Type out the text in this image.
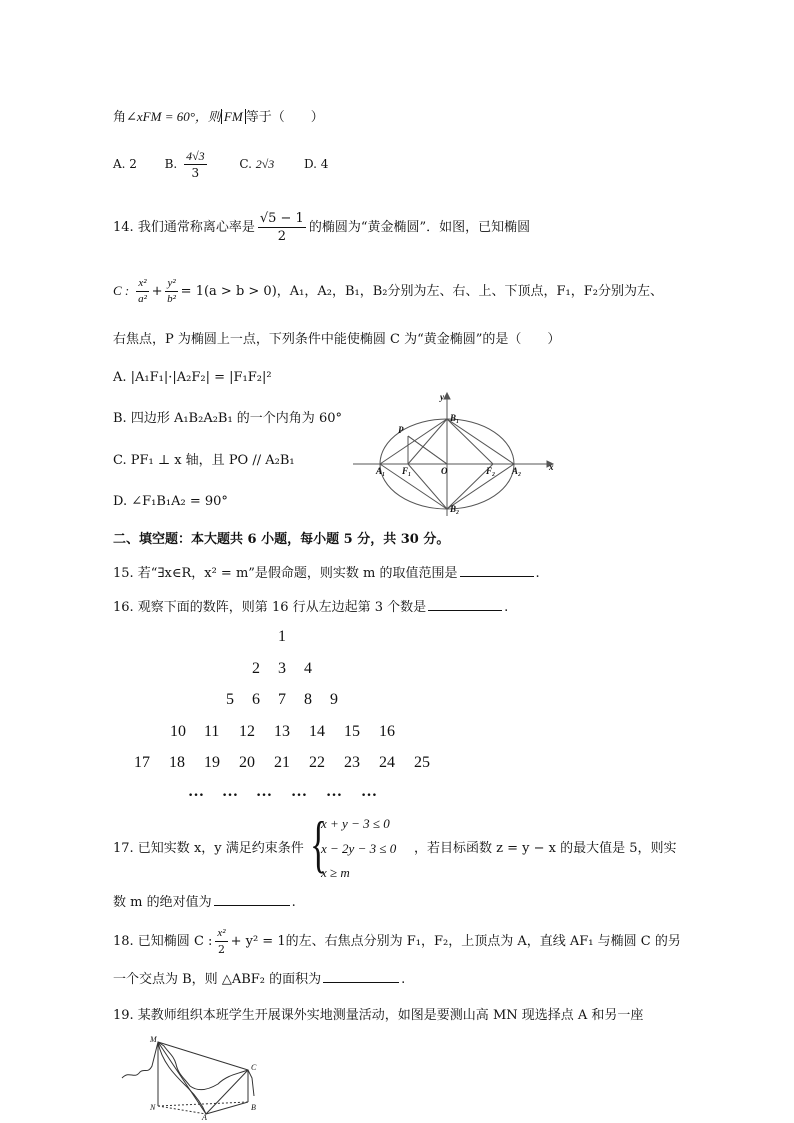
角∠xFM = 60°，则 FM 等于（　　）
A. 2 B. $\frac{4√3}{3}$	C. 2√3 D. 4
14. 我们通常称离心率是 $\frac{√5 - 1}{2}$ 的椭圆为“黄金椭圆”．如图，已知椭圆
C : $\frac{\text{x²}}{\text{a²}} + \frac{\text{y²}}{\text{b²}} = 1(a > b > 0)$，A₁，A₂，B₁，B₂分别为左、右、上、下顶点，F₁，F₂分别为左、
右焦点，P 为椭圆上一点，下列条件中能使椭圆 C 为“黄金椭圆”的是（　　）
A. |A₁F₁|·|A₂F₂| = |F₁F₂|²
B. 四边形 A₁B₂A₂B₁ 的一个内角为 60°
C. PF₁ ⊥ x 轴，且 PO // A₂B₁
D. ∠F₁B₁A₂ = 90°
y
x
B₁
B₂
P
A₁ F₁	O	F₂ A₂
二、填空题：本大题共 6 小题，每小题 5 分，共 30 分。
15. 若“∃x∈R，x² = m”是假命题，则实数 m 的取值范围是	.
16. 观察下面的数阵，则第 16 行从左边起第 3 个数是	.
1
2 3 4
5 6 7 8 9
10 11 12 13 14 15 16
17 18 19 20 21 22 23 24 25
… … … … … …
17. 已知实数 x，y 满足约束条件 {
x + y − 3 ≤ 0
x − 2y − 3 ≤ 0
x ≥ m
，若目标函数 z = y − x 的最大值是 5，则实
数 m 的绝对值为	.
18. 已知椭圆 C : $\frac{\text{x²}}{2} + y^2 = 1$的左、右焦点分别为 F₁，F₂，上顶点为 A，直线 AF₁ 与椭圆 C 的另
一个交点为 B，则 △ABF₂ 的面积为	.
19. 某教师组织本班学生开展课外实地测量活动，如图是要测山高 MN 现选择点 A 和另一座
M
N
A
B
C
